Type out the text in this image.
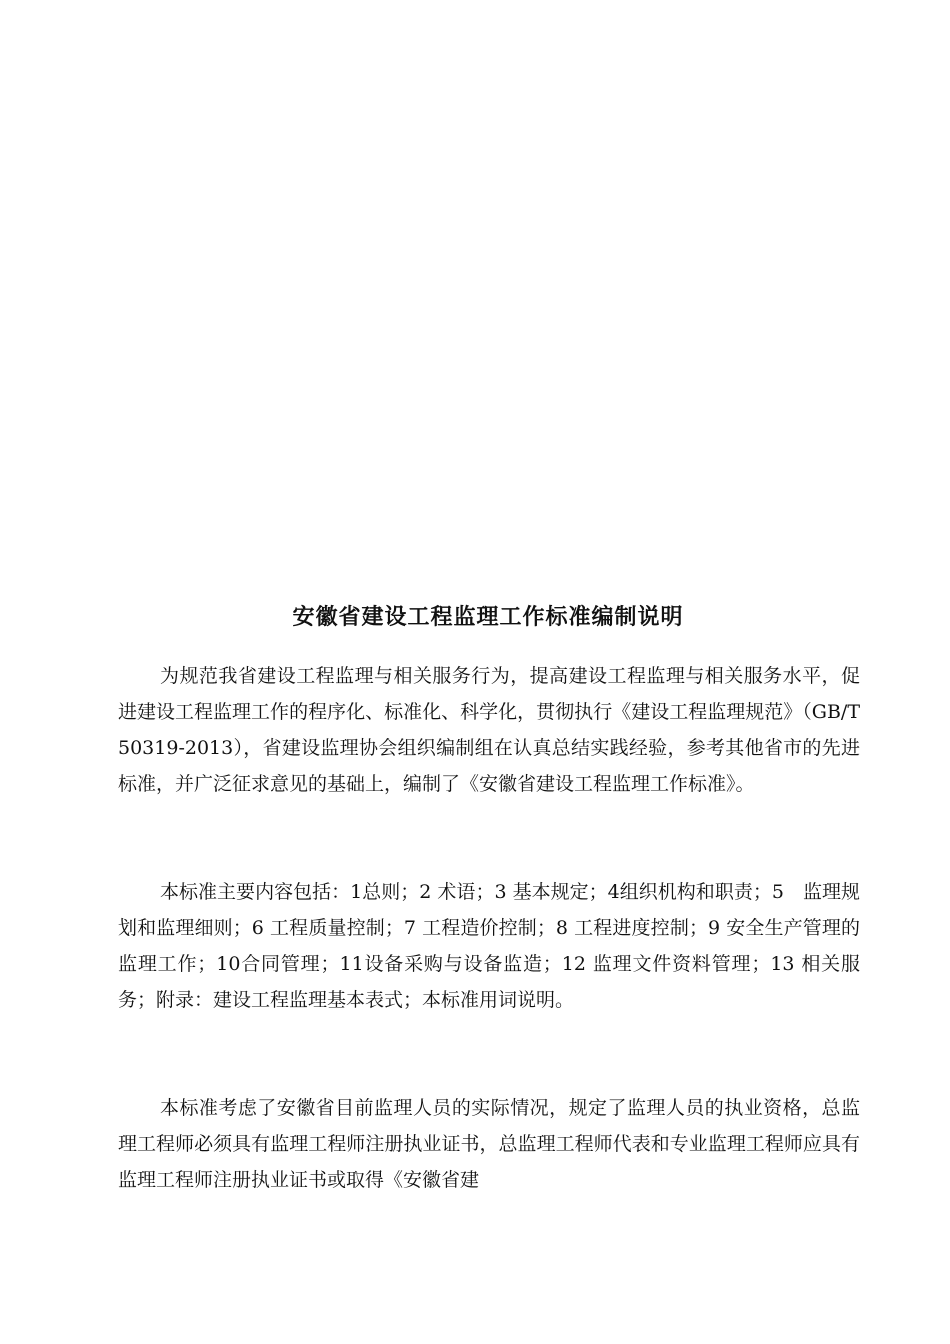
安徽省建设工程监理工作标准编制说明

为规范我省建设工程监理与相关服务行为，提高建设工程监理与相关服务水平，促进建设工程监理工作的程序化、标准化、科学化，贯彻执行《建设工程监理规范》（GB/T50319-2013），省建设监理协会组织编制组在认真总结实践经验，参考其他省市的先进标准，并广泛征求意见的基础上，编制了《安徽省建设工程监理工作标准》。

本标准主要内容包括：1总则；2 术语；3 基本规定；4组织机构和职责；5　监理规划和监理细则；6 工程质量控制；7 工程造价控制；8 工程进度控制；9 安全生产管理的监理工作；10合同管理；11设备采购与设备监造；12 监理文件资料管理；13 相关服务；附录：建设工程监理基本表式；本标准用词说明。

本标准考虑了安徽省目前监理人员的实际情况，规定了监理人员的执业资格，总监理工程师必须具有监理工程师注册执业证书，总监理工程师代表和专业监理工程师应具有监理工程师注册执业证书或取得《安徽省建
